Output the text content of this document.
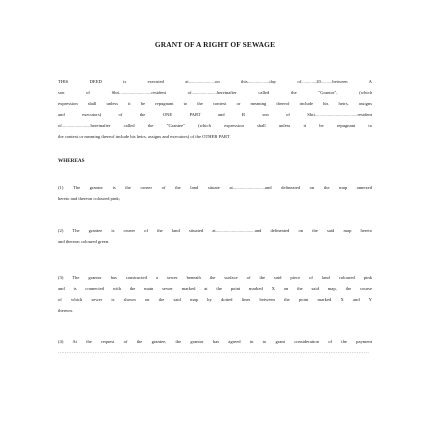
GRANT OF A RIGHT OF SEWAGE

THIS DEED is executed at.......................on this...................day of.............20..........between A
son of Shri............................resident of......................hereinafter called the "Grantor", (which
expression shall unless it be repugnant to the context or meaning thereof include his heirs, assigns
and executors) of the ONE PART and B son of Shri.....................................resident
of.........................hereinafter called the "Grantee" (which expression shall unless it be repugnant to
the context or meaning thereof include his heirs, assigns and executors) of the OTHER PART

WHEREAS

(1) The grantor is the owner of the land situate at............................and delineated on the map annexed
hereto and thereon coloured pink;

(2) The grantee is owner of the land situated at..................................and delineated on the said map hereto
and thereon coloured green.

(3) The grantor has constructed a sewer beneath the surface of the said piece of land coloured pink
and is connected with the main sewer marked at the point marked X on the said map, the course
of which sewer is shown on the said map by dotted lines between the point marked X and Y
thereon.

(4) At the request of the grantee, the grantor has agreed in to grant consideration of the payment
..................................................................................................................................................................................
